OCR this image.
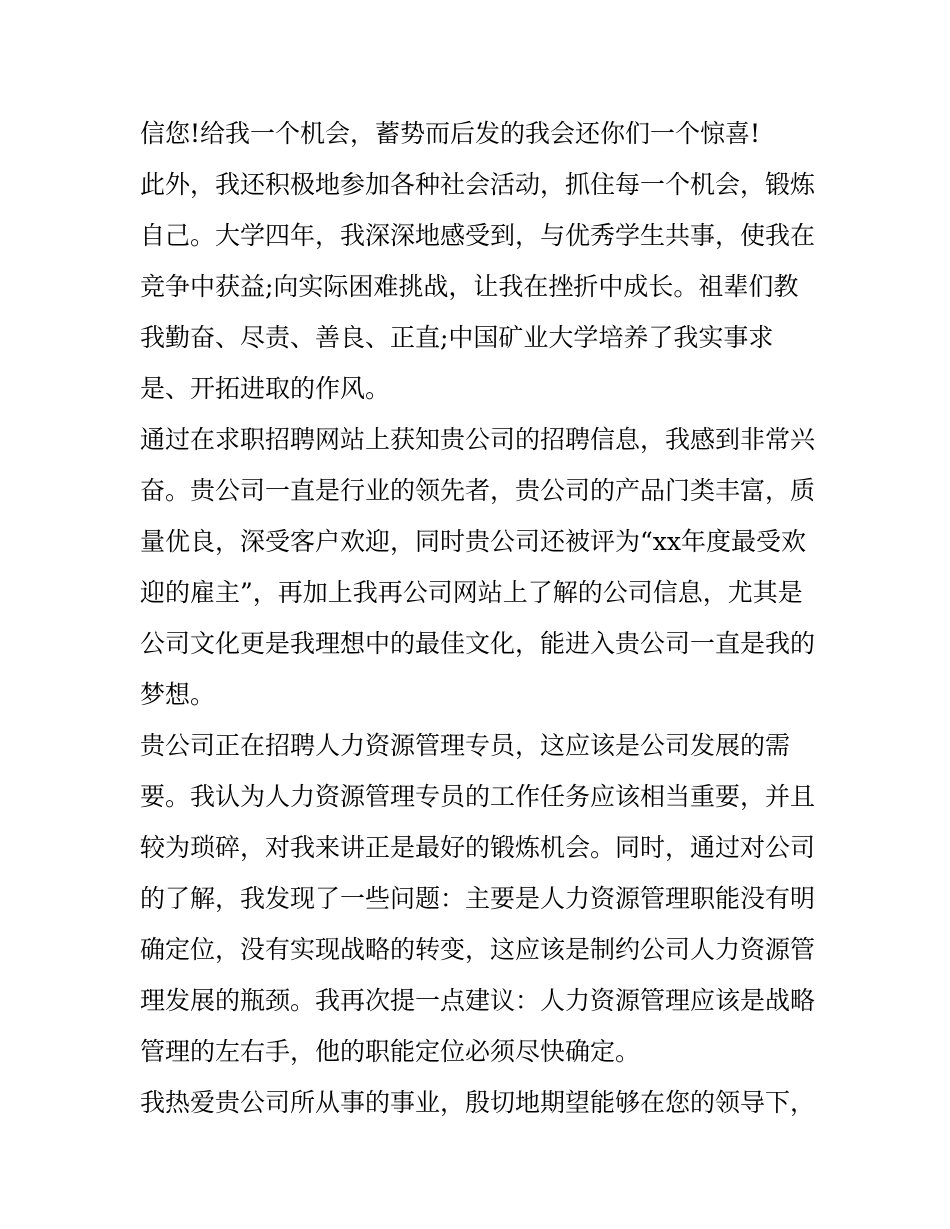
信您!给我一个机会，蓄势而后发的我会还你们一个惊喜!
此外，我还积极地参加各种社会活动，抓住每一个机会，锻炼
自己。大学四年，我深深地感受到，与优秀学生共事，使我在
竞争中获益;向实际困难挑战，让我在挫折中成长。祖辈们教
我勤奋、尽责、善良、正直;中国矿业大学培养了我实事求
是、开拓进取的作风。
通过在求职招聘网站上获知贵公司的招聘信息，我感到非常兴
奋。贵公司一直是行业的领先者，贵公司的产品门类丰富，质
量优良，深受客户欢迎，同时贵公司还被评为“xx年度最受欢
迎的雇主”，再加上我再公司网站上了解的公司信息，尤其是
公司文化更是我理想中的最佳文化，能进入贵公司一直是我的
梦想。
贵公司正在招聘人力资源管理专员，这应该是公司发展的需
要。我认为人力资源管理专员的工作任务应该相当重要，并且
较为琐碎，对我来讲正是最好的锻炼机会。同时，通过对公司
的了解，我发现了一些问题：主要是人力资源管理职能没有明
确定位，没有实现战略的转变，这应该是制约公司人力资源管
理发展的瓶颈。我再次提一点建议：人力资源管理应该是战略
管理的左右手，他的职能定位必须尽快确定。
我热爱贵公司所从事的事业，殷切地期望能够在您的领导下，
